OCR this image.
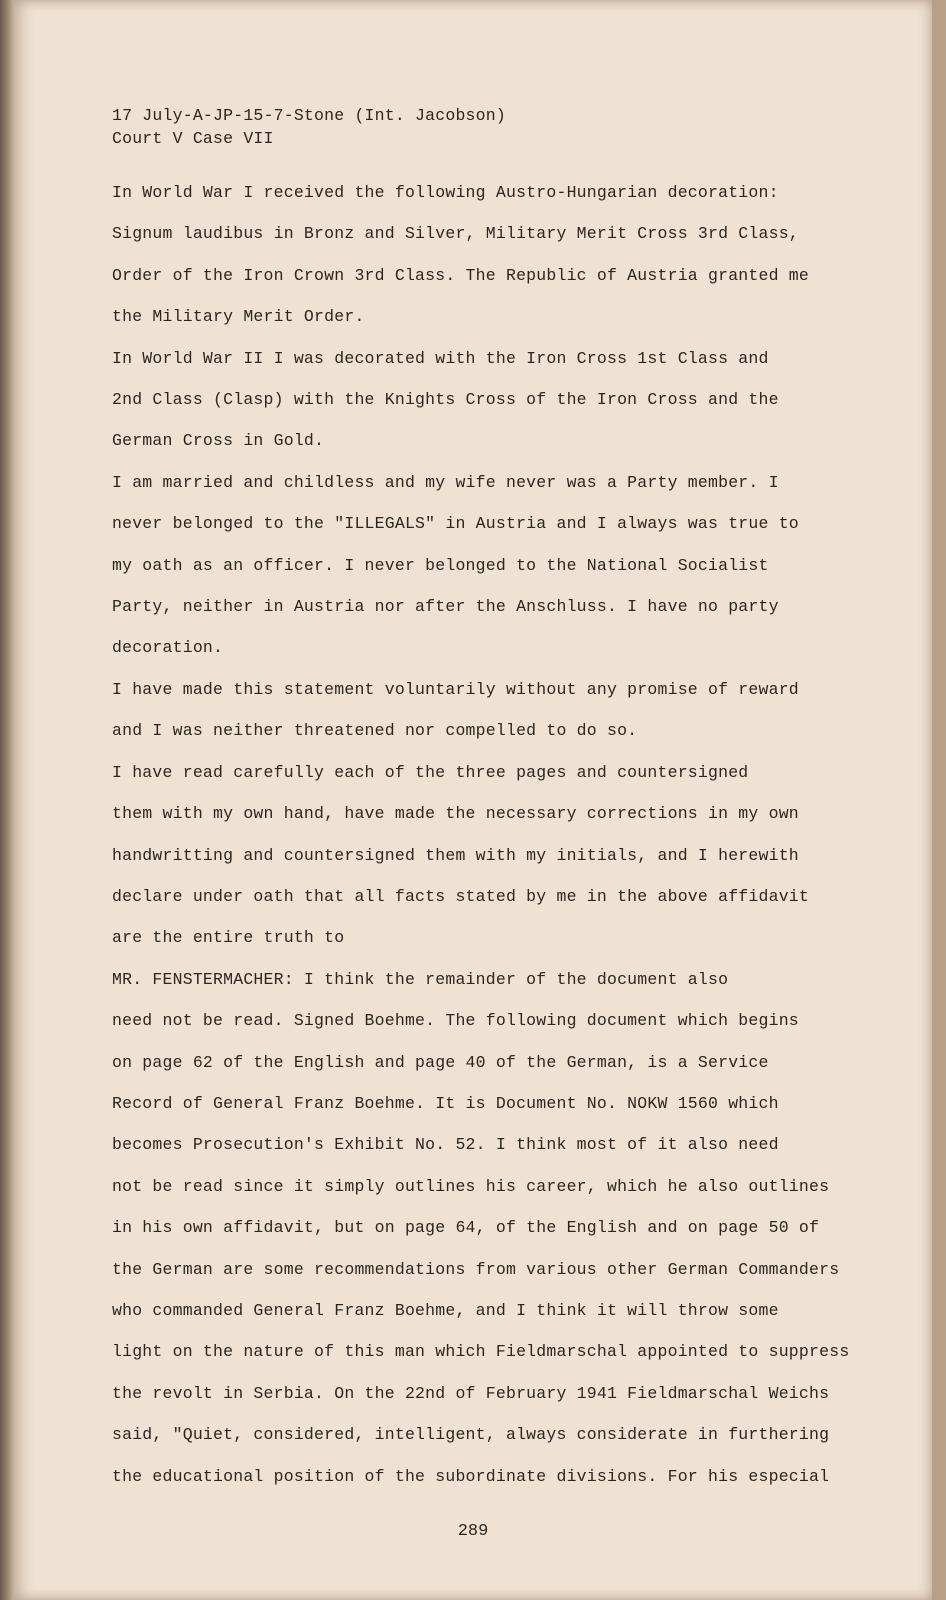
17 July-A-JP-15-7-Stone (Int. Jacobson)
Court V Case VII
In World War I received the following Austro-Hungarian decoration:
Signum laudibus in Bronz and Silver, Military Merit Cross 3rd Class,
Order of the Iron Crown 3rd Class. The Republic of Austria granted me
the Military Merit Order.
In World War II I was decorated with the Iron Cross 1st Class and
2nd Class (Clasp) with the Knights Cross of the Iron Cross and the
German Cross in Gold.
I am married and childless and my wife never was a Party member. I
never belonged to the "ILLEGALS" in Austria and I always was true to
my oath as an officer. I never belonged to the National Socialist
Party, neither in Austria nor after the Anschluss. I have no party
decoration.
I have made this statement voluntarily without any promise of reward
and I was neither threatened nor compelled to do so.
I have read carefully each of the three pages and countersigned
them with my own hand, have made the necessary corrections in my own
handwritting and countersigned them with my initials, and I herewith
declare under oath that all facts stated by me in the above affidavit
are the entire truth to
MR. FENSTERMACHER: I think the remainder of the document also
need not be read. Signed Boehme. The following document which begins
on page 62 of the English and page 40 of the German, is a Service
Record of General Franz Boehme. It is Document No. NOKW 1560 which
becomes Prosecution's Exhibit No. 52. I think most of it also need
not be read since it simply outlines his career, which he also outlines
in his own affidavit, but on page 64, of the English and on page 50 of
the German are some recommendations from various other German Commanders
who commanded General Franz Boehme, and I think it will throw some
light on the nature of this man which Fieldmarschal appointed to suppress
the revolt in Serbia. On the 22nd of February 1941 Fieldmarschal Weichs
said, "Quiet, considered, intelligent, always considerate in furthering
the educational position of the subordinate divisions. For his especial
289
